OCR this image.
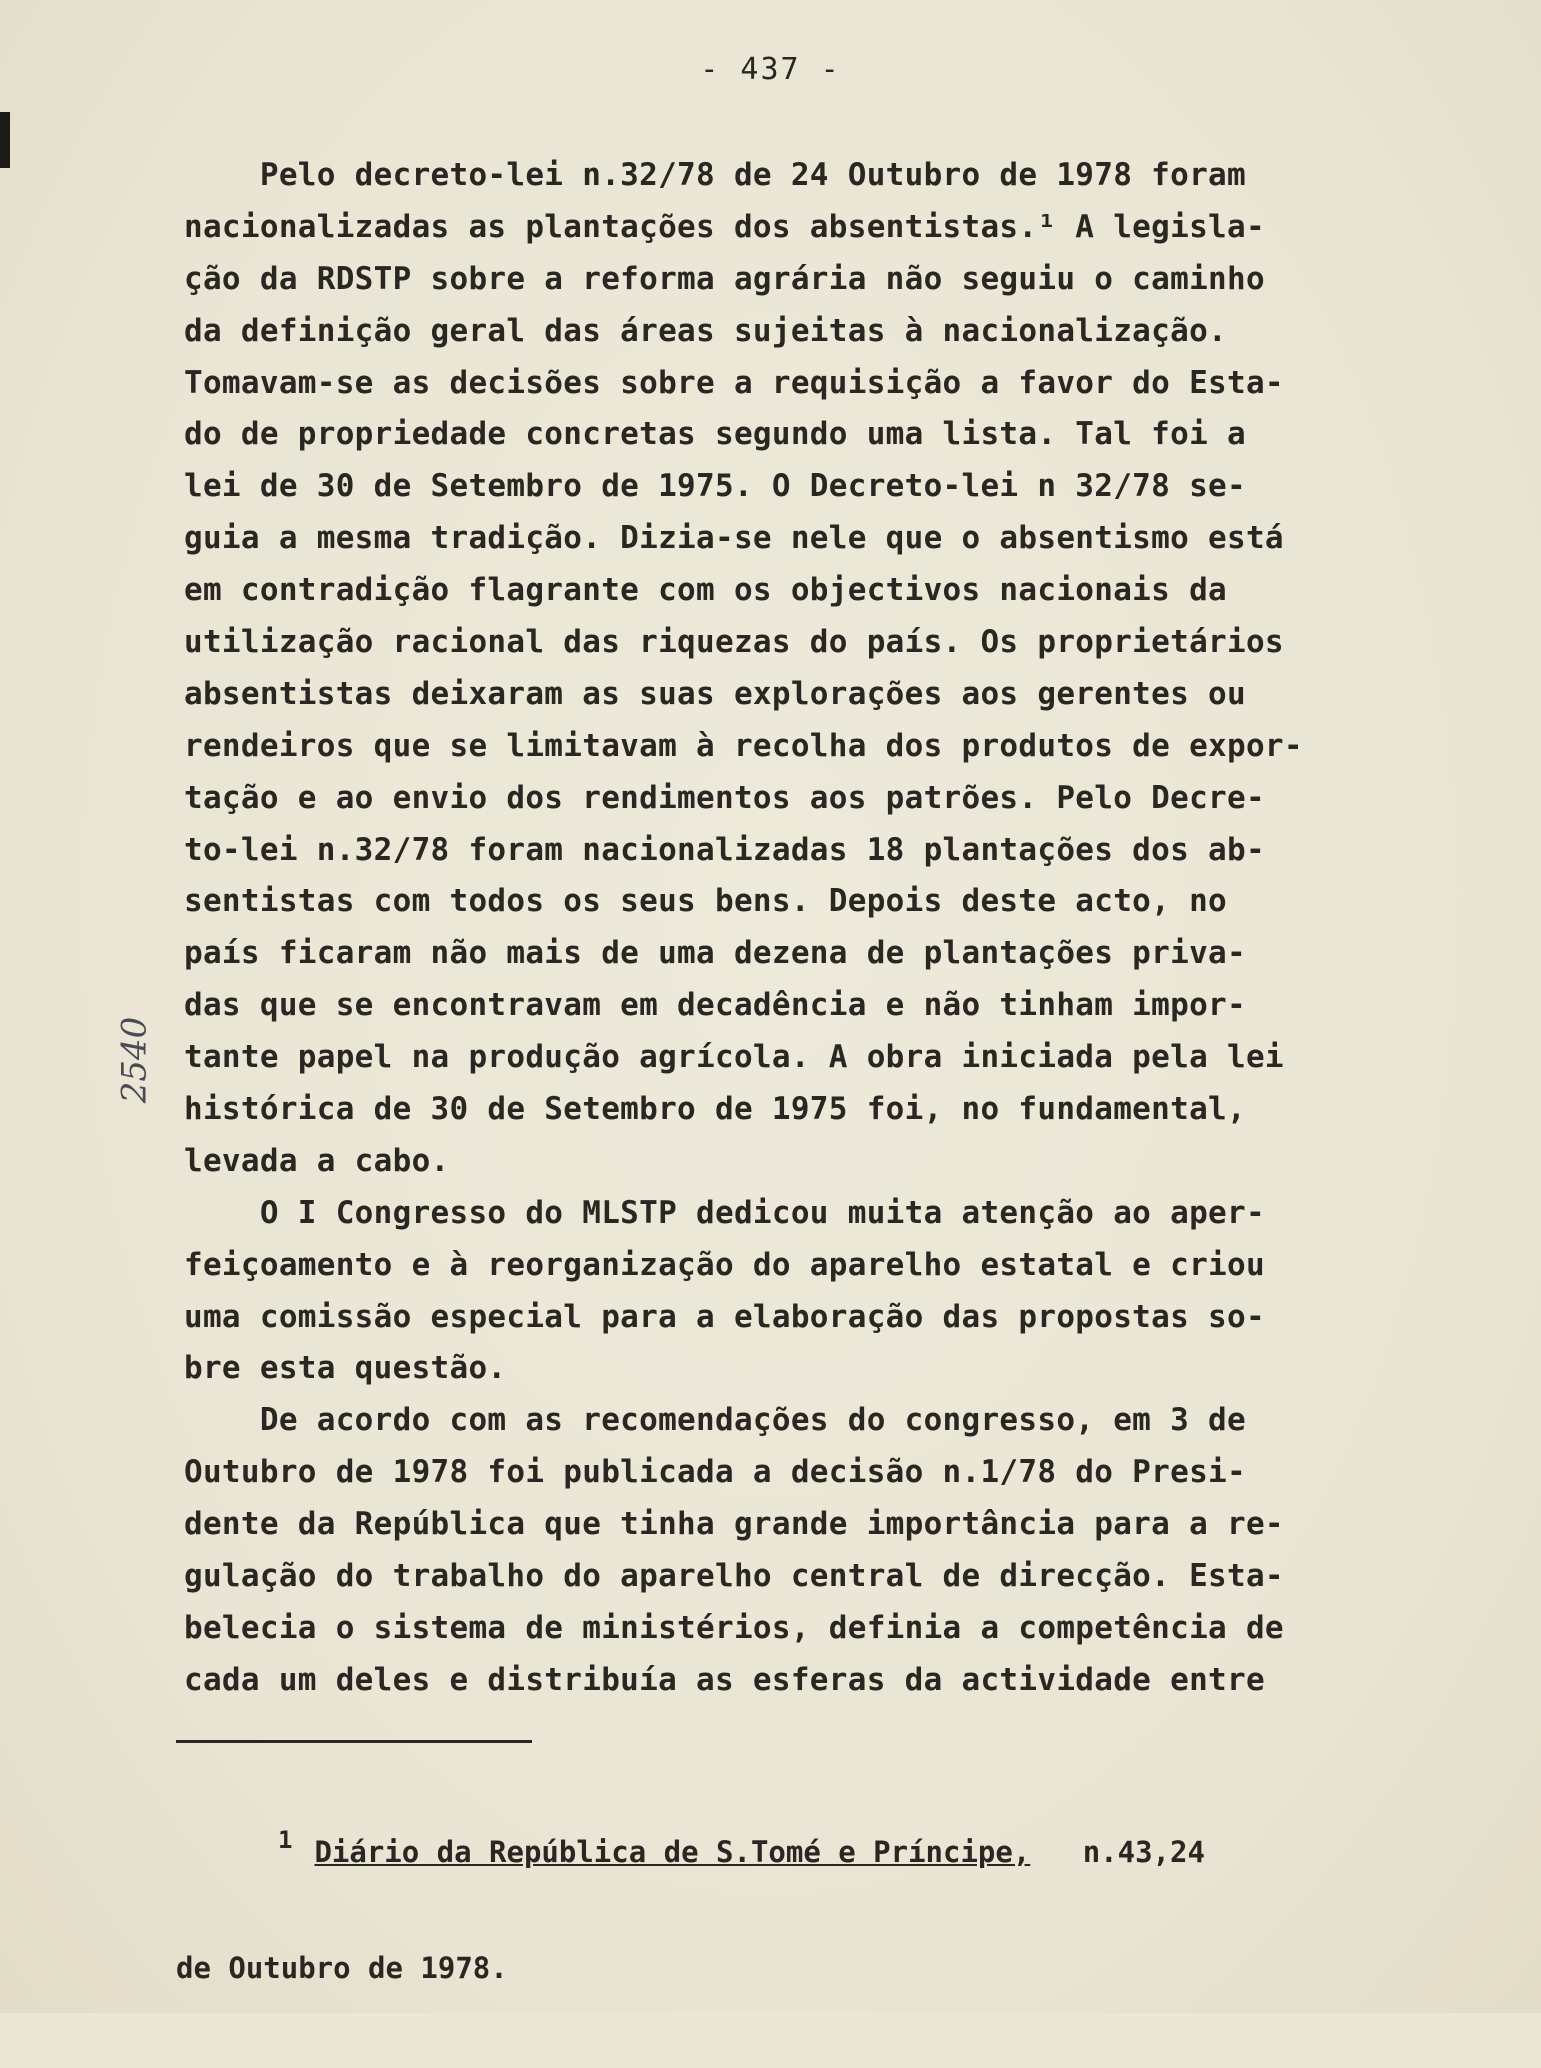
- 437 -
Pelo decreto-lei n.32/78 de 24 Outubro de 1978 foram
nacionalizadas as plantações dos absentistas.¹ A legisla-
ção da RDSTP sobre a reforma agrária não seguiu o caminho
da definição geral das áreas sujeitas à nacionalização.
Tomavam-se as decisões sobre a requisição a favor do Esta-
do de propriedade concretas segundo uma lista. Tal foi a
lei de 30 de Setembro de 1975. O Decreto-lei n 32/78 se-
guia a mesma tradição. Dizia-se nele que o absentismo está
em contradição flagrante com os objectivos nacionais da
utilização racional das riquezas do país. Os proprietários
absentistas deixaram as suas explorações aos gerentes ou
rendeiros que se limitavam à recolha dos produtos de expor-
tação e ao envio dos rendimentos aos patrões. Pelo Decre-
to-lei n.32/78 foram nacionalizadas 18 plantações dos ab-
sentistas com todos os seus bens. Depois deste acto, no
país ficaram não mais de uma dezena de plantações priva-
das que se encontravam em decadência e não tinham impor-
tante papel na produção agrícola. A obra iniciada pela lei
histórica de 30 de Setembro de 1975 foi, no fundamental,
levada a cabo.
O I Congresso do MLSTP dedicou muita atenção ao aper-
feiçoamento e à reorganização do aparelho estatal e criou
uma comissão especial para a elaboração das propostas so-
bre esta questão.
De acordo com as recomendações do congresso, em 3 de
Outubro de 1978 foi publicada a decisão n.1/78 do Presi-
dente da República que tinha grande importância para a re-
gulação do trabalho do aparelho central de direcção. Esta-
belecia o sistema de ministérios, definia a competência de
cada um deles e distribuía as esferas da actividade entre
2540

$^1$ Diário da República de S.Tomé e Príncipe, n.43,24

de Outubro de 1978.
